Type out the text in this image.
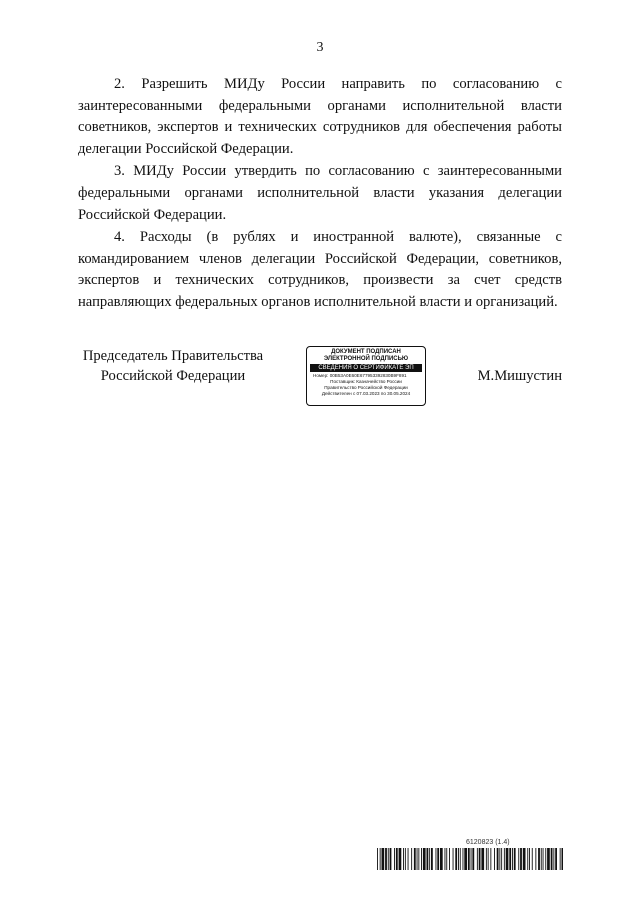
3

2. Разрешить МИДу России направить по согласованию с заинтересованными федеральными органами исполнительной власти советников, экспертов и технических сотрудников для обеспечения работы делегации Российской Федерации.

3. МИДу России утвердить по согласованию с заинтересованными федеральными органами исполнительной власти указания делегации Российской Федерации.

4. Расходы (в рублях и иностранной валюте), связанные с командированием членов делегации Российской Федерации, советников, экспертов и технических сотрудников, произвести за счет средств направляющих федеральных органов исполнительной власти и организаций.

Председатель Правительства
Российской Федерации
ДОКУМЕНТ ПОДПИСАН
ЭЛЕКТРОННОЙ ПОДПИСЬЮ
СВЕДЕНИЯ О СЕРТИФИКАТЕ ЭП
Номер: 00B53A0E60E677953392830B9F891
Поставщик: Казначейство России
Правительство Российской Федерации
Действителен с 07.03.2023 по 30.05.2024
М.Мишустин
6120823 (1.4)
